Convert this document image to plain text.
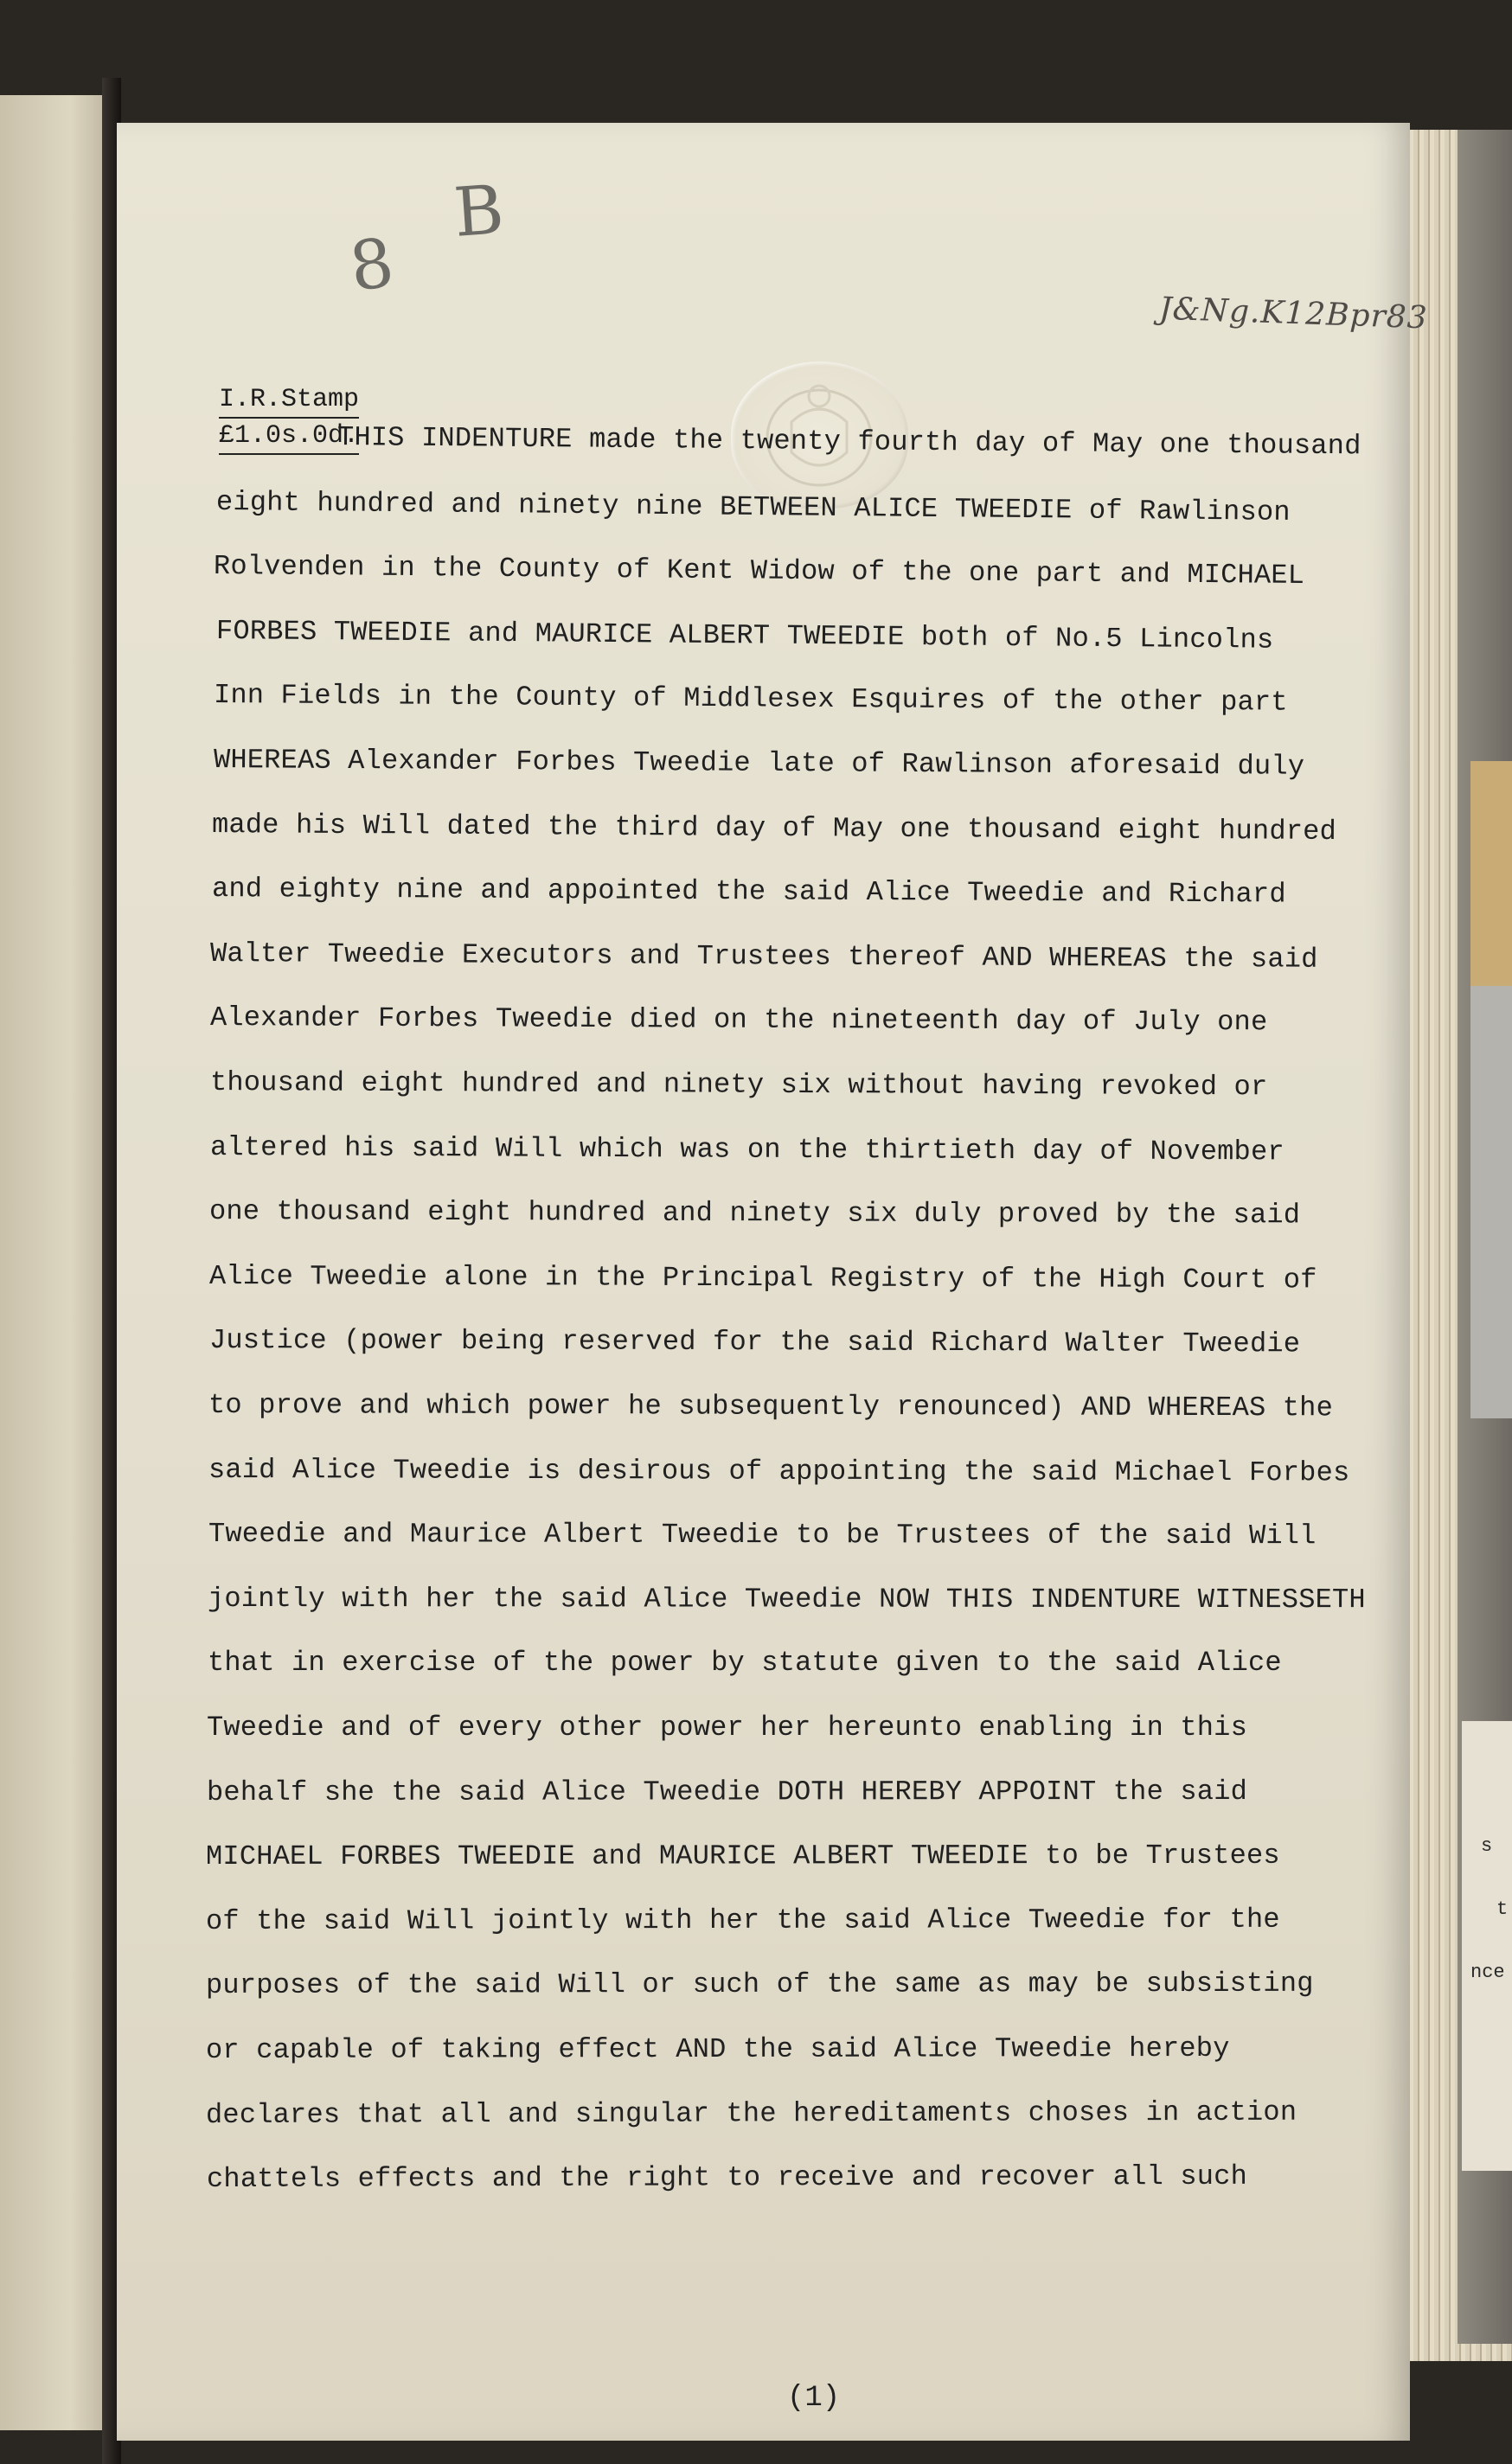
s
t
nce
I.R.Stamp
£1.0s.0d.
8
B
J&Ng.K12Bpr83
THIS INDENTURE made the twenty fourth day of May one thousand
eight hundred and ninety nine BETWEEN ALICE TWEEDIE of Rawlinson
Rolvenden in the County of Kent Widow of the one part and MICHAEL
FORBES TWEEDIE and MAURICE ALBERT TWEEDIE both of No.5 Lincolns
Inn Fields in the County of Middlesex Esquires of the other part
WHEREAS Alexander Forbes Tweedie late of Rawlinson aforesaid duly
made his Will dated the third day of May one thousand eight hundred
and eighty nine and appointed the said Alice Tweedie and Richard
Walter Tweedie Executors and Trustees thereof AND WHEREAS the said
Alexander Forbes Tweedie died on the nineteenth day of July one
thousand eight hundred and ninety six without having revoked or
altered his said Will which was on the thirtieth day of November
one thousand eight hundred and ninety six duly proved by the said
Alice Tweedie alone in the Principal Registry of the High Court of
Justice (power being reserved for the said Richard Walter Tweedie
to prove and which power he subsequently renounced) AND WHEREAS the
said Alice Tweedie is desirous of appointing the said Michael Forbes
Tweedie and Maurice Albert Tweedie to be Trustees of the said Will
jointly with her the said Alice Tweedie NOW THIS INDENTURE WITNESSETH
that in exercise of the power by statute given to the said Alice
Tweedie and of every other power her hereunto enabling in this
behalf she the said Alice Tweedie DOTH HEREBY APPOINT the said
MICHAEL FORBES TWEEDIE and MAURICE ALBERT TWEEDIE to be Trustees
of the said Will jointly with her the said Alice Tweedie for the
purposes of the said Will or such of the same as may be subsisting
or capable of taking effect AND the said Alice Tweedie hereby
declares that all and singular the hereditaments choses in action
chattels effects and the right to receive and recover all such
(1)
